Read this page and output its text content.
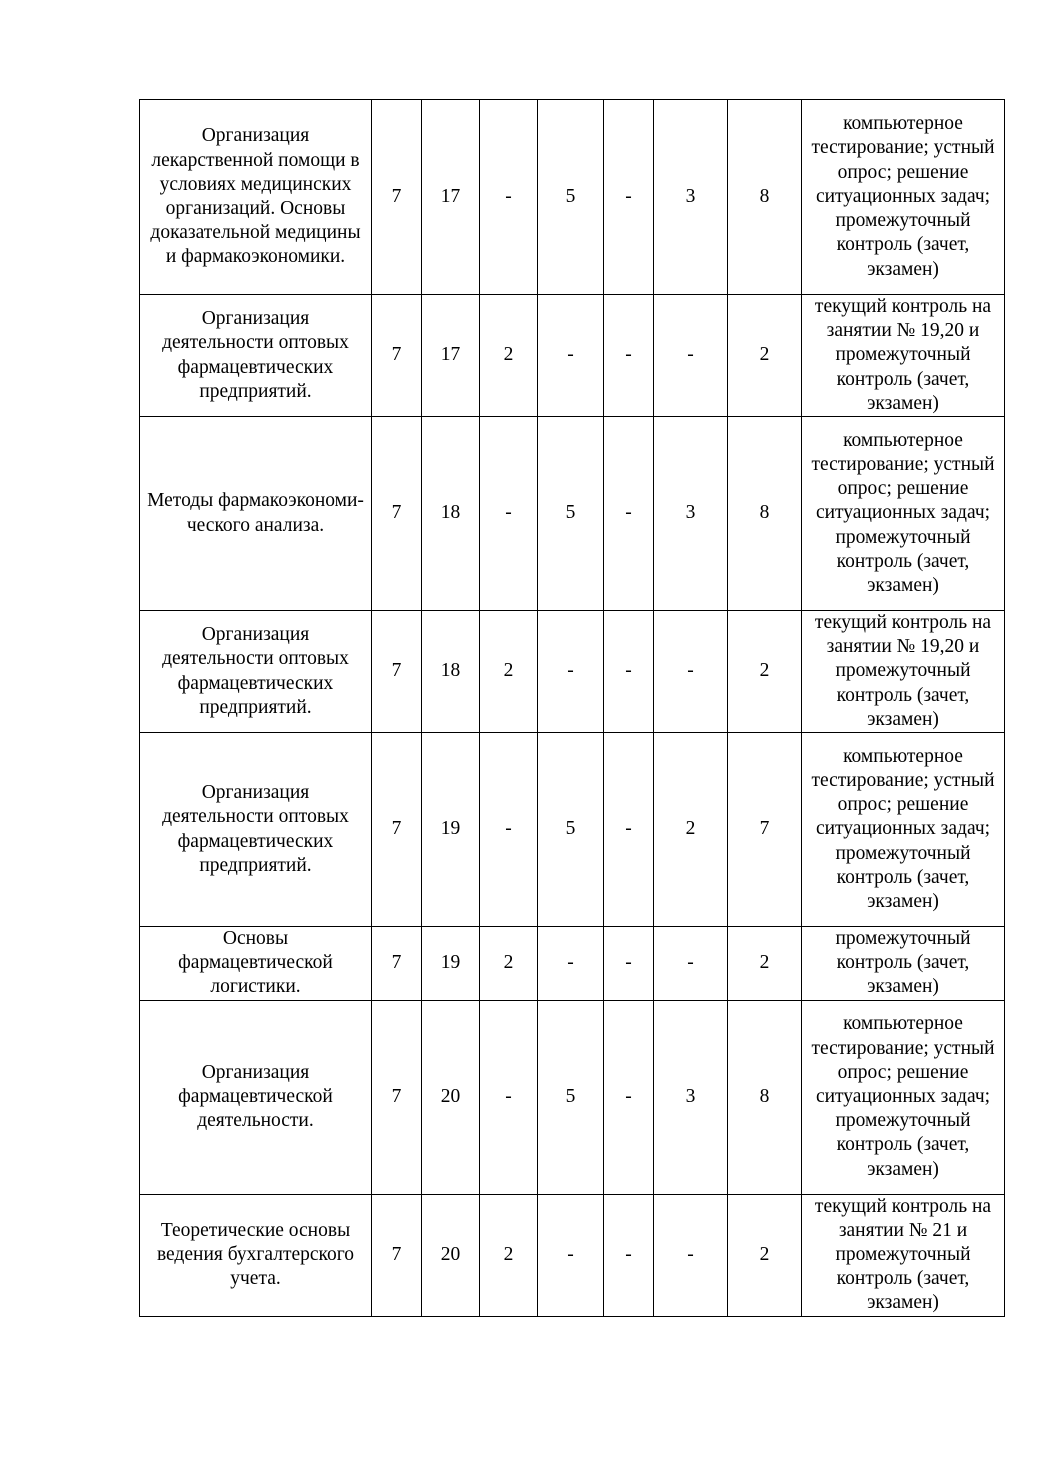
Организация лекарственной помощи в условиях медицинских организаций. Основы доказательной медицины и фармакоэкономики.	7	17	-	5	-	3	8	компьютерное тестирование; устный опрос; решение ситуационных задач; промежуточный контроль (зачет, экзамен)
Организация деятельности оптовых фармацевтических предприятий.	7	17	2	-	-	-	2	текущий контроль на занятии № 19,20 и промежуточный контроль (зачет, экзамен)
Методы фармакоэкономи-ческого анализа.	7	18	-	5	-	3	8	компьютерное тестирование; устный опрос; решение ситуационных задач; промежуточный контроль (зачет, экзамен)
Организация деятельности оптовых фармацевтических предприятий.	7	18	2	-	-	-	2	текущий контроль на занятии № 19,20 и промежуточный контроль (зачет, экзамен)
Организация деятельности оптовых фармацевтических предприятий.	7	19	-	5	-	2	7	компьютерное тестирование; устный опрос; решение ситуационных задач; промежуточный контроль (зачет, экзамен)
Основы фармацевтической логистики.	7	19	2	-	-	-	2	промежуточный контроль (зачет, экзамен)
Организация фармацевтической деятельности.	7	20	-	5	-	3	8	компьютерное тестирование; устный опрос; решение ситуационных задач; промежуточный контроль (зачет, экзамен)
Теоретические основы ведения бухгалтерского учета.	7	20	2	-	-	-	2	текущий контроль на занятии № 21 и промежуточный контроль (зачет, экзамен)
